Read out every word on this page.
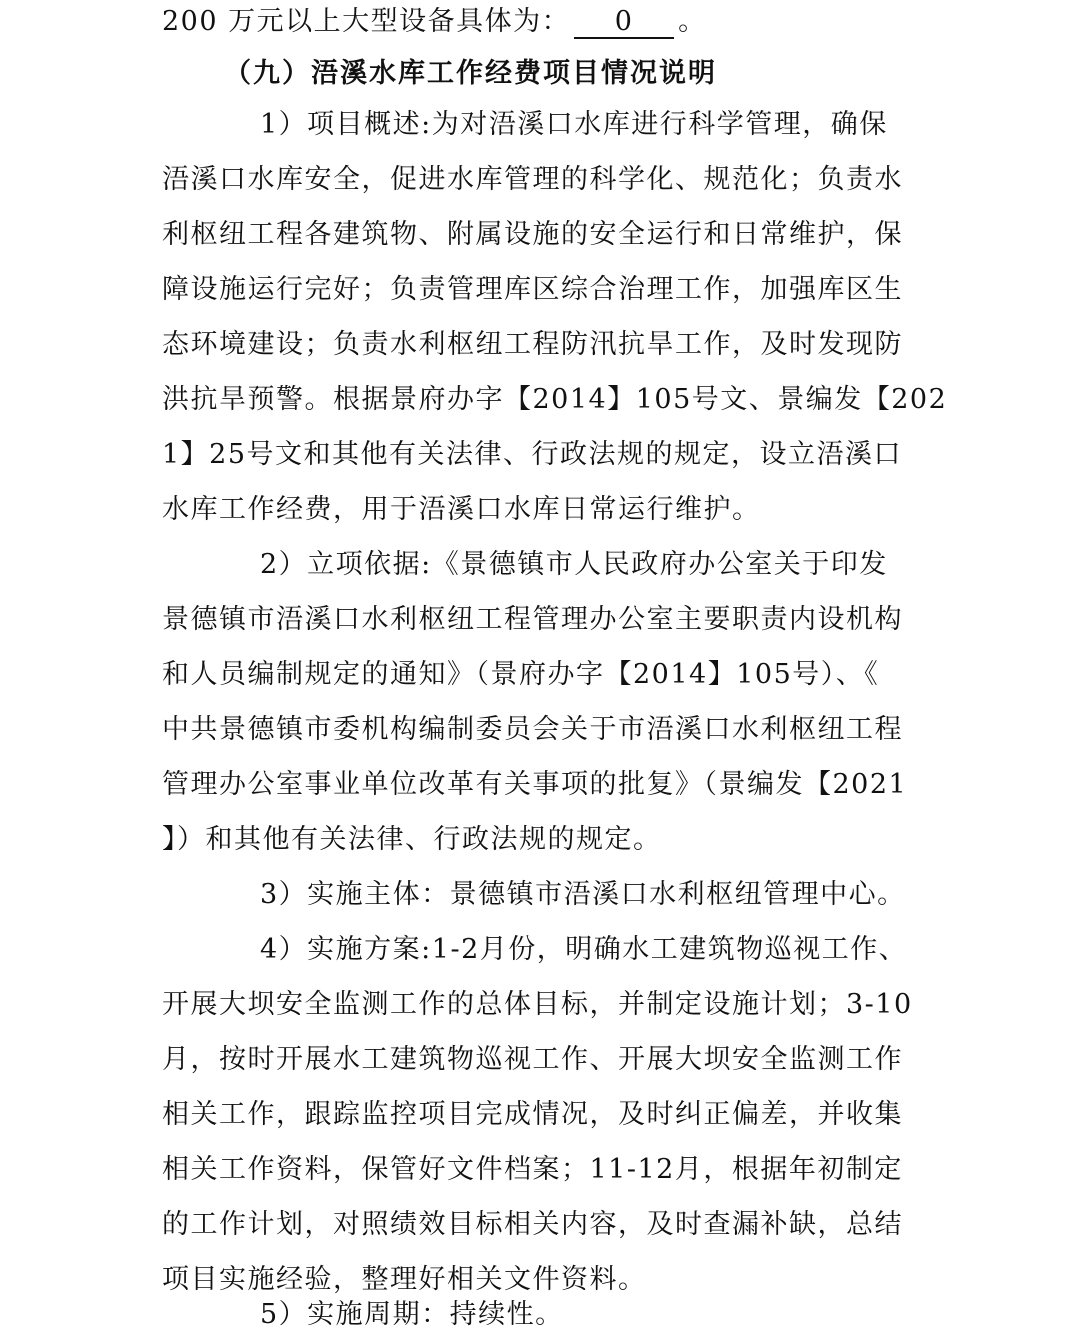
200 万元以上大型设备具体为： 0 。
（九）浯溪水库工作经费项目情况说明
1）项目概述:为对浯溪口水库进行科学管理，确保
浯溪口水库安全，促进水库管理的科学化、规范化；负责水
利枢纽工程各建筑物、附属设施的安全运行和日常维护，保
障设施运行完好；负责管理库区综合治理工作，加强库区生
态环境建设；负责水利枢纽工程防汛抗旱工作，及时发现防
洪抗旱预警。根据景府办字【2014】105号文、景编发【202
1】25号文和其他有关法律、行政法规的规定，设立浯溪口
水库工作经费，用于浯溪口水库日常运行维护。
2）立项依据:《景德镇市人民政府办公室关于印发
景德镇市浯溪口水利枢纽工程管理办公室主要职责内设机构
和人员编制规定的通知》（景府办字【2014】105号）、《
中共景德镇市委机构编制委员会关于市浯溪口水利枢纽工程
管理办公室事业单位改革有关事项的批复》（景编发【2021
】）和其他有关法律、行政法规的规定。
3）实施主体：景德镇市浯溪口水利枢纽管理中心。
4）实施方案:1-2月份，明确水工建筑物巡视工作、
开展大坝安全监测工作的总体目标，并制定设施计划；3-10
月，按时开展水工建筑物巡视工作、开展大坝安全监测工作
相关工作，跟踪监控项目完成情况，及时纠正偏差，并收集
相关工作资料，保管好文件档案；11-12月，根据年初制定
的工作计划，对照绩效目标相关内容，及时查漏补缺，总结
项目实施经验，整理好相关文件资料。
5）实施周期：持续性。
